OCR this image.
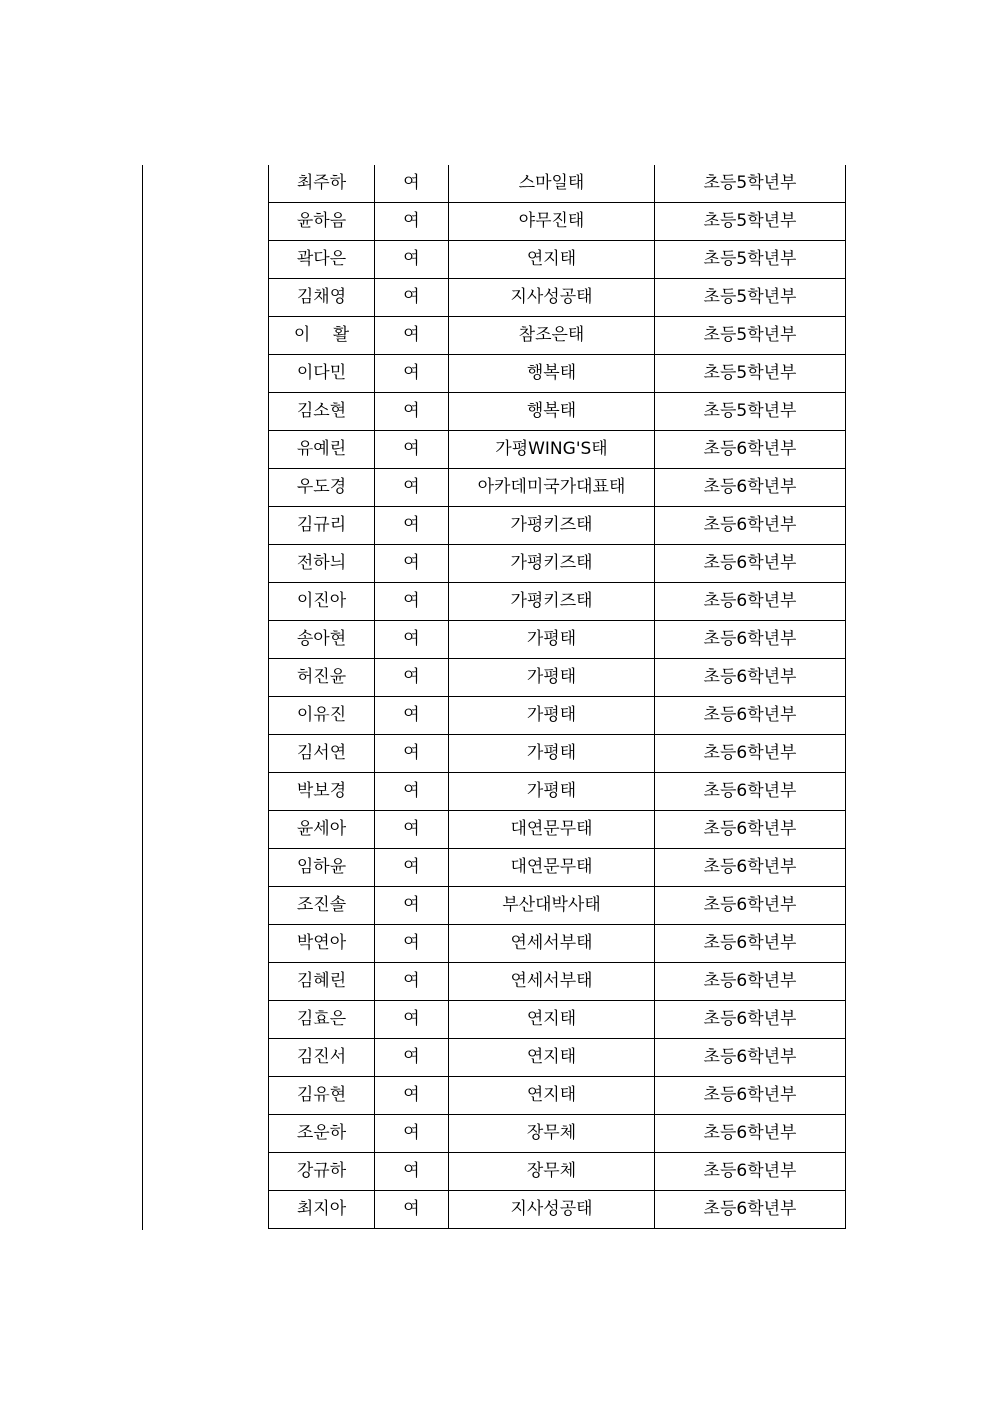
최주하	여	스마일태	초등5학년부
윤하음	여	야무진태	초등5학년부
곽다은	여	연지태	초등5학년부
김채영	여	지사성공태	초등5학년부
이　 활	여	참조은태	초등5학년부
이다민	여	행복태	초등5학년부
김소현	여	행복태	초등5학년부
유예린	여	가평WING'S태	초등6학년부
우도경	여	아카데미국가대표태	초등6학년부
김규리	여	가평키즈태	초등6학년부
전하늬	여	가평키즈태	초등6학년부
이진아	여	가평키즈태	초등6학년부
송아현	여	가평태	초등6학년부
허진윤	여	가평태	초등6학년부
이유진	여	가평태	초등6학년부
김서연	여	가평태	초등6학년부
박보경	여	가평태	초등6학년부
윤세아	여	대연문무태	초등6학년부
임하윤	여	대연문무태	초등6학년부
조진솔	여	부산대박사태	초등6학년부
박연아	여	연세서부태	초등6학년부
김혜린	여	연세서부태	초등6학년부
김효은	여	연지태	초등6학년부
김진서	여	연지태	초등6학년부
김유현	여	연지태	초등6학년부
조운하	여	장무체	초등6학년부
강규하	여	장무체	초등6학년부
최지아	여	지사성공태	초등6학년부
